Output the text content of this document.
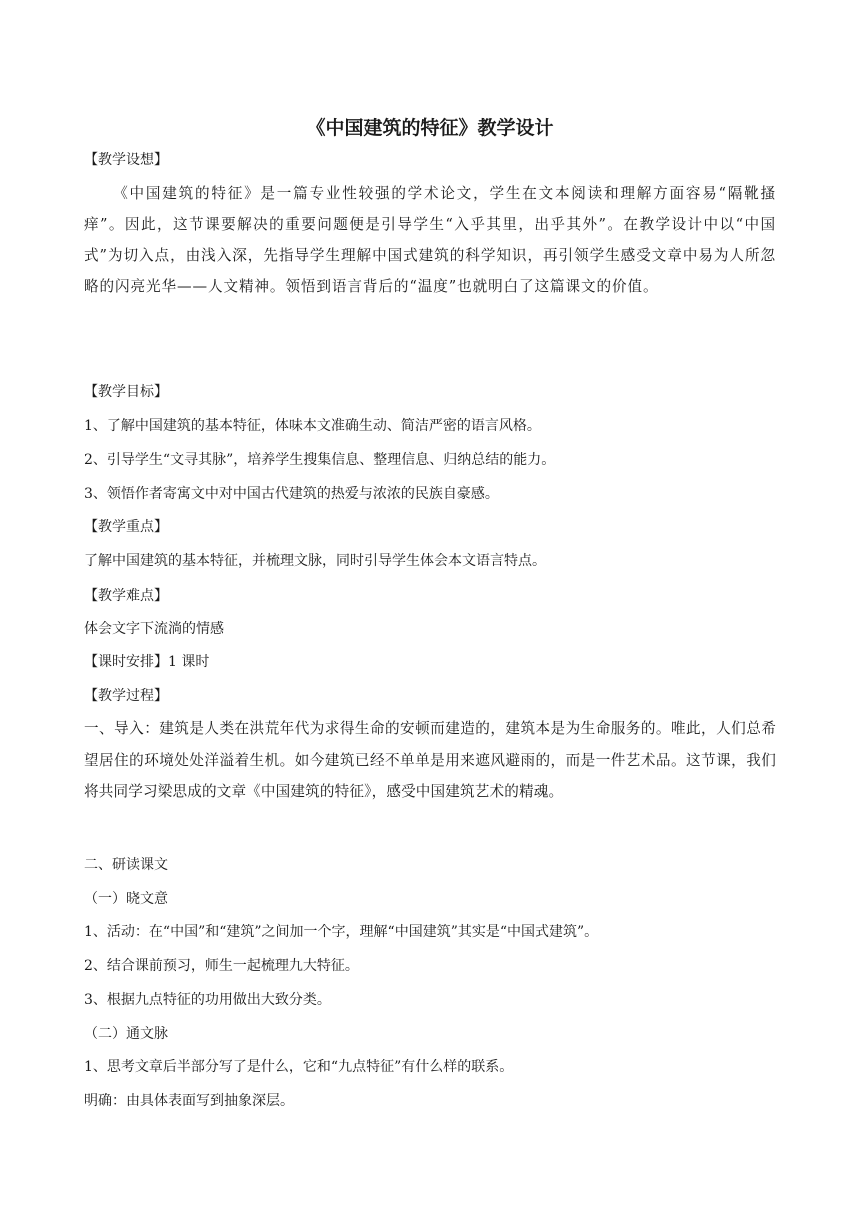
《中国建筑的特征》教学设计
【教学设想】

《中国建筑的特征》是一篇专业性较强的学术论文，学生在文本阅读和理解方面容易“隔靴搔痒”。因此，这节课要解决的重要问题便是引导学生“入乎其里，出乎其外”。在教学设计中以“中国式”为切入点，由浅入深，先指导学生理解中国式建筑的科学知识，再引领学生感受文章中易为人所忽略的闪亮光华——人文精神。领悟到语言背后的“温度”也就明白了这篇课文的价值。

【教学目标】
1、了解中国建筑的基本特征，体味本文准确生动、简洁严密的语言风格。
2、引导学生“文寻其脉”，培养学生搜集信息、整理信息、归纳总结的能力。
3、领悟作者寄寓文中对中国古代建筑的热爱与浓浓的民族自豪感。
【教学重点】
了解中国建筑的基本特征，并梳理文脉，同时引导学生体会本文语言特点。
【教学难点】
体会文字下流淌的情感
【课时安排】1 课时
【教学过程】

一、导入：建筑是人类在洪荒年代为求得生命的安顿而建造的，建筑本是为生命服务的。唯此，人们总希望居住的环境处处洋溢着生机。如今建筑已经不单单是用来遮风避雨的，而是一件艺术品。这节课，我们将共同学习梁思成的文章《中国建筑的特征》，感受中国建筑艺术的精魂。

二、研读课文
（一）晓文意
1、活动：在“中国”和“建筑”之间加一个字，理解“中国建筑”其实是“中国式建筑”。
2、结合课前预习，师生一起梳理九大特征。
3、根据九点特征的功用做出大致分类。
（二）通文脉
1、思考文章后半部分写了是什么，它和“九点特征”有什么样的联系。
明确：由具体表面写到抽象深层。
